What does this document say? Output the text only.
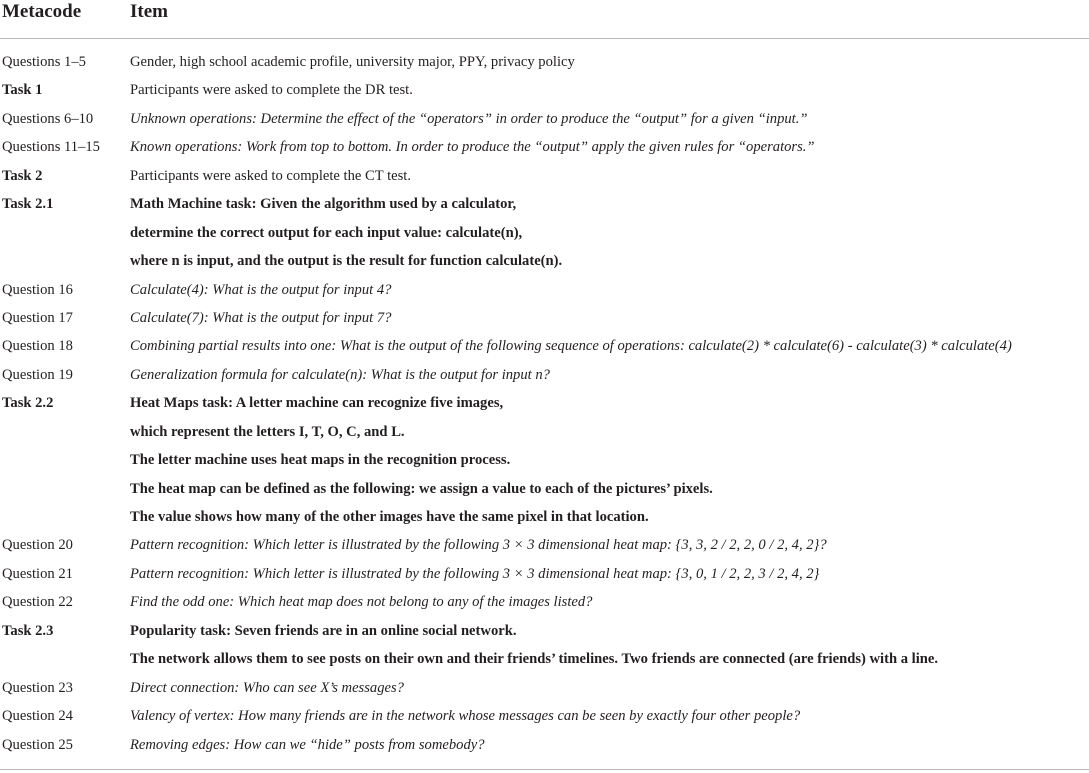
Metacode	Item
Questions 1–5	Gender, high school academic profile, university major, PPY, privacy policy
Task 1	Participants were asked to complete the DR test.
Questions 6–10	Unknown operations: Determine the effect of the “operators” in order to produce the “output” for a given “input.”
Questions 11–15 Known operations: Work from top to bottom. In order to produce the “output” apply the given rules for “operators.”
Task 2	Participants were asked to complete the CT test.
Task 2.1	Math Machine task: Given the algorithm used by a calculator,
determine the correct output for each input value: calculate(n),
where n is input, and the output is the result for function calculate(n).
Question 16	Calculate(4): What is the output for input 4?
Question 17	Calculate(7): What is the output for input 7?
Question 18	Combining partial results into one: What is the output of the following sequence of operations: calculate(2) * calculate(6) - calculate(3) * calculate(4)
Question 19	Generalization formula for calculate(n): What is the output for input n?
Task 2.2	Heat Maps task: A letter machine can recognize five images,
which represent the letters I, T, O, C, and L.
The letter machine uses heat maps in the recognition process.
The heat map can be defined as the following: we assign a value to each of the pictures’ pixels.
The value shows how many of the other images have the same pixel in that location.
Question 20	Pattern recognition: Which letter is illustrated by the following 3 × 3 dimensional heat map: {3, 3, 2 / 2, 2, 0 / 2, 4, 2}?
Question 21	Pattern recognition: Which letter is illustrated by the following 3 × 3 dimensional heat map: {3, 0, 1 / 2, 2, 3 / 2, 4, 2}
Question 22	Find the odd one: Which heat map does not belong to any of the images listed?
Task 2.3	Popularity task: Seven friends are in an online social network.
The network allows them to see posts on their own and their friends’ timelines. Two friends are connected (are friends) with a line.
Question 23	Direct connection: Who can see X’s messages?
Question 24	Valency of vertex: How many friends are in the network whose messages can be seen by exactly four other people?
Question 25	Removing edges: How can we “hide” posts from somebody?
